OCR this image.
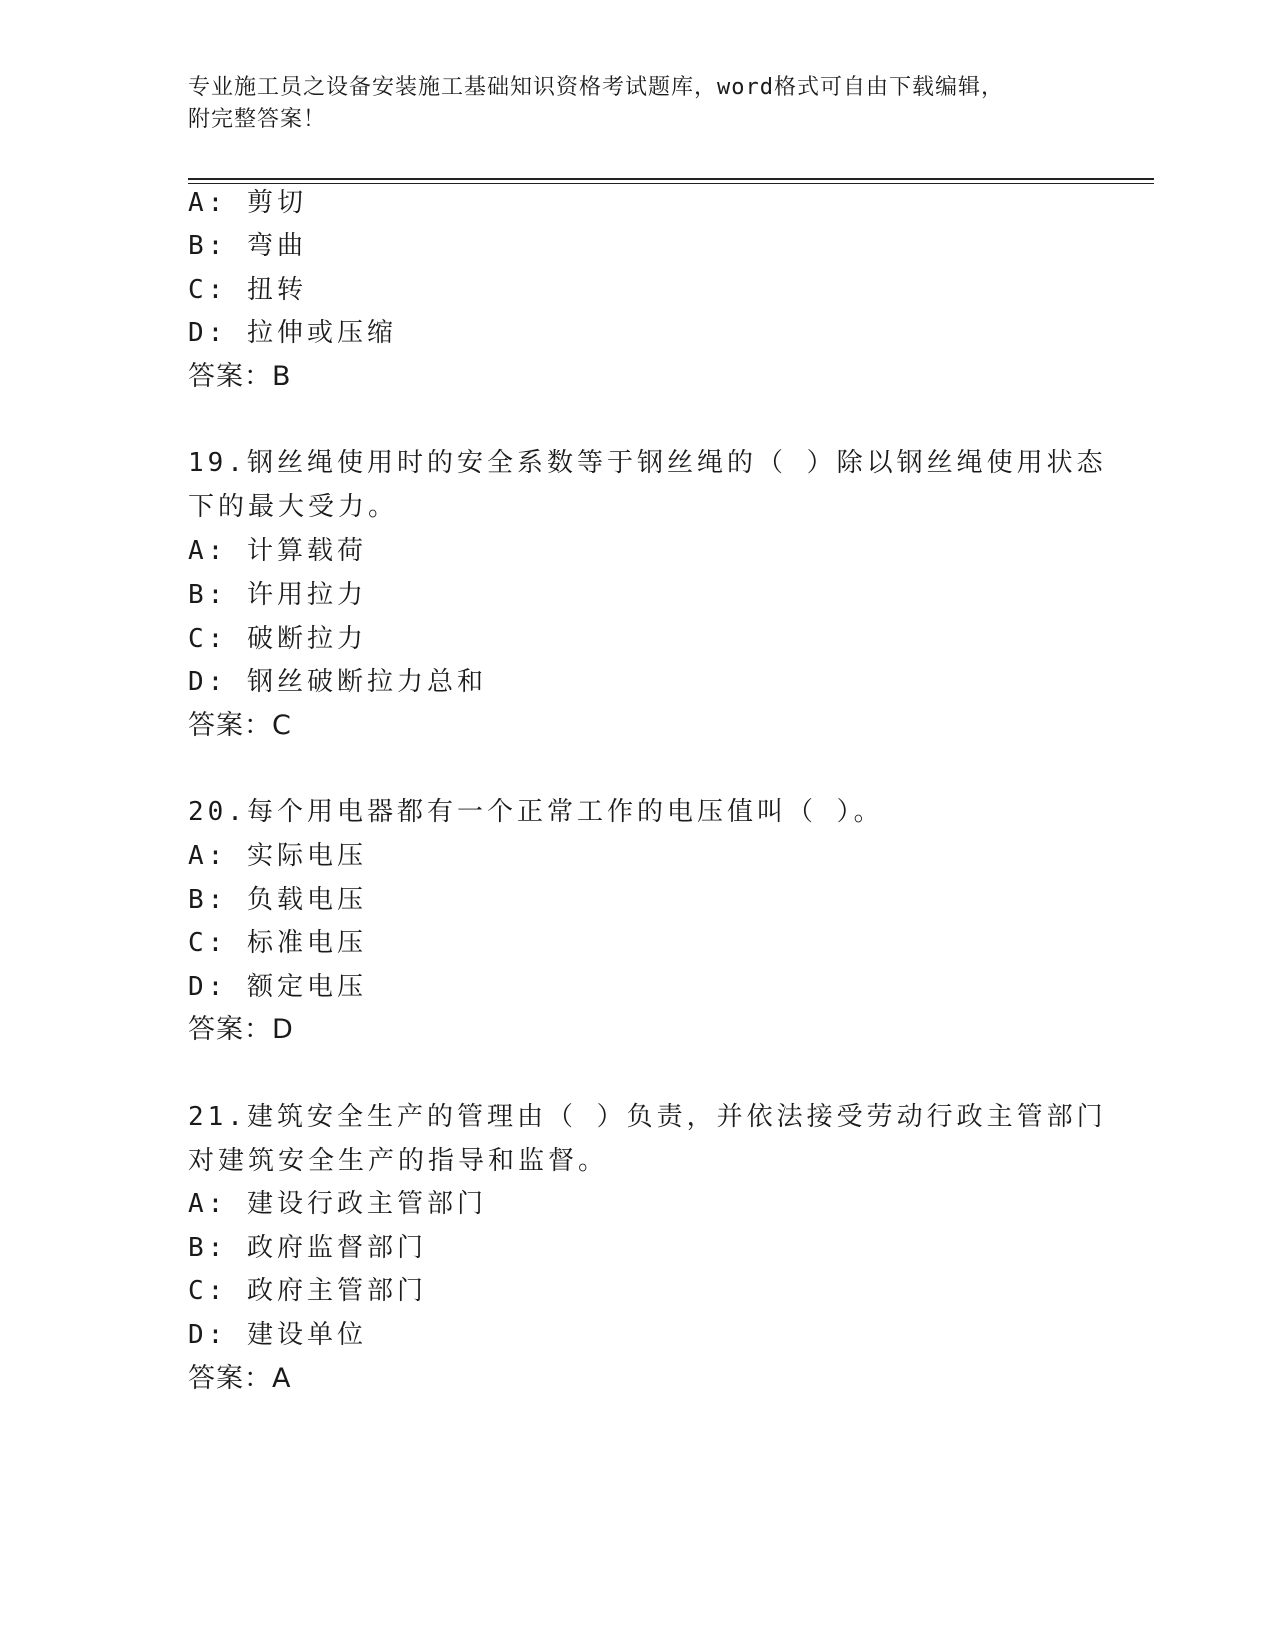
专业施工员之设备安装施工基础知识资格考试题库，word格式可自由下载编辑，
附完整答案！
A: 剪切
B: 弯曲
C: 扭转
D: 拉伸或压缩
答案：B
19.钢丝绳使用时的安全系数等于钢丝绳的（ ）除以钢丝绳使用状态
下的最大受力。
A: 计算载荷
B: 许用拉力
C: 破断拉力
D: 钢丝破断拉力总和
答案：C
20.每个用电器都有一个正常工作的电压值叫（ ）。
A: 实际电压
B: 负载电压
C: 标准电压
D: 额定电压
答案：D
21.建筑安全生产的管理由（ ）负责，并依法接受劳动行政主管部门
对建筑安全生产的指导和监督。
A: 建设行政主管部门
B: 政府监督部门
C: 政府主管部门
D: 建设单位
答案：A
